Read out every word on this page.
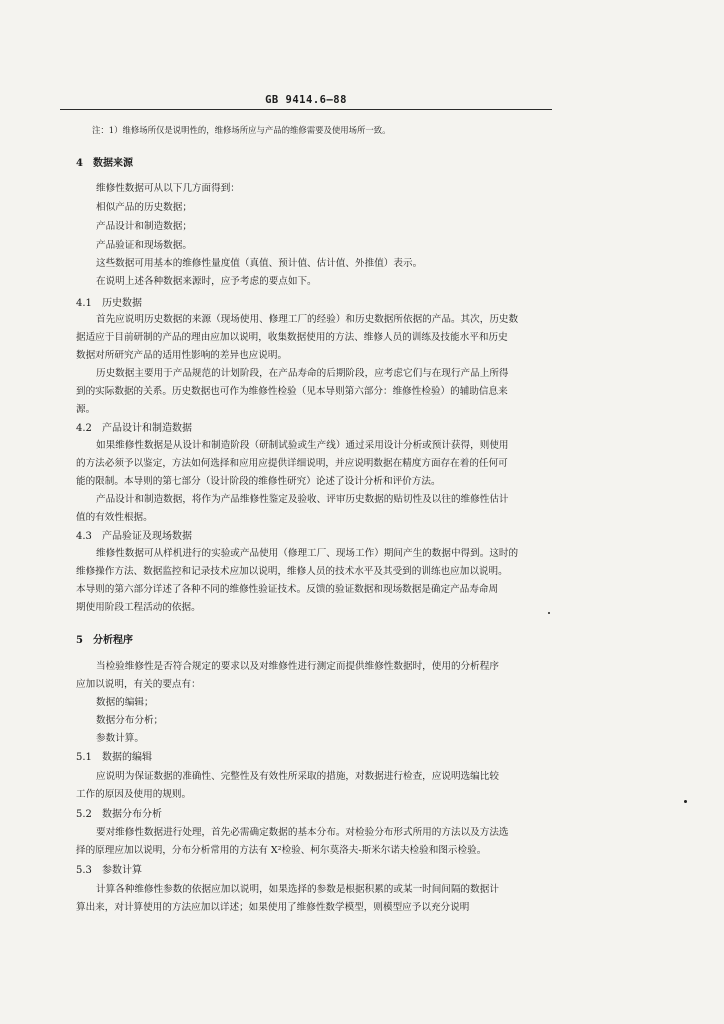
GB 9414.6—88
注：1）维修场所仅是说明性的，维修场所应与产品的维修需要及使用场所一致。
4　数据来源
维修性数据可从以下几方面得到：
相似产品的历史数据；
产品设计和制造数据；
产品验证和现场数据。
这些数据可用基本的维修性量度值（真值、预计值、估计值、外推值）表示。
在说明上述各种数据来源时，应予考虑的要点如下。
4.1 历史数据
首先应说明历史数据的来源（现场使用、修理工厂的经验）和历史数据所依据的产品。其次，历史数
据适应于目前研制的产品的理由应加以说明，收集数据使用的方法、维修人员的训练及技能水平和历史
数据对所研究产品的适用性影响的差异也应说明。
历史数据主要用于产品规范的计划阶段，在产品寿命的后期阶段，应考虑它们与在现行产品上所得
到的实际数据的关系。历史数据也可作为维修性检验（见本导则第六部分：维修性检验）的辅助信息来
源。
4.2 产品设计和制造数据
如果维修性数据是从设计和制造阶段（研制试验或生产线）通过采用设计分析或预计获得，则使用
的方法必须予以鉴定，方法如何选择和应用应提供详细说明，并应说明数据在精度方面存在着的任何可
能的限制。本导则的第七部分（设计阶段的维修性研究）论述了设计分析和评价方法。
产品设计和制造数据，将作为产品维修性鉴定及验收、评审历史数据的贴切性及以往的维修性估计
值的有效性根据。
4.3 产品验证及现场数据
维修性数据可从样机进行的实验或产品使用（修理工厂、现场工作）期间产生的数据中得到。这时的
维修操作方法、数据监控和记录技术应加以说明，维修人员的技术水平及其受到的训练也应加以说明。
本导则的第六部分详述了各种不同的维修性验证技术。反馈的验证数据和现场数据是确定产品寿命周
期使用阶段工程活动的依据。
5　分析程序
当检验维修性是否符合规定的要求以及对维修性进行测定而提供维修性数据时，使用的分析程序
应加以说明，有关的要点有：
数据的编辑；
数据分布分析；
参数计算。
5.1 数据的编辑
应说明为保证数据的准确性、完整性及有效性所采取的措施，对数据进行检查，应说明选编比较
工作的原因及使用的规则。
5.2 数据分布分析
要对维修性数据进行处理，首先必需确定数据的基本分布。对检验分布形式所用的方法以及方法选
择的原理应加以说明，分布分析常用的方法有 X²检验、柯尔莫洛夫-斯米尔诺夫检验和图示检验。
5.3 参数计算
计算各种维修性参数的依据应加以说明，如果选择的参数是根据积累的或某一时间间隔的数据计
算出来，对计算使用的方法应加以详述；如果使用了维修性数学模型，则模型应予以充分说明
